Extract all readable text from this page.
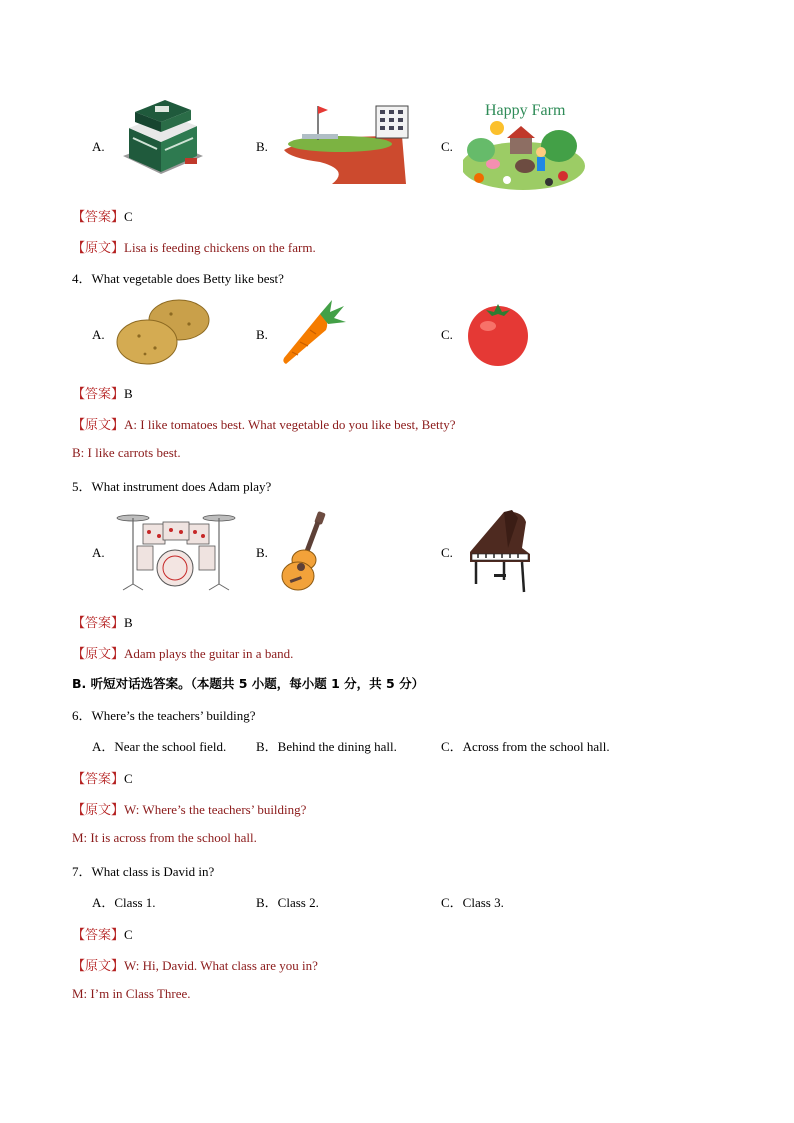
A.	B.	C.
Happy Farm
【答案】C
【原文】Lisa is feeding chickens on the farm.
4．What vegetable does Betty like best?
A.	B.	C.
【答案】B
【原文】A: I like tomatoes best. What vegetable do you like best, Betty?
B: I like carrots best.
5．What instrument does Adam play?
A.	B.	C.
【答案】B
【原文】Adam plays the guitar in a band.
B. 听短对话选答案。（本题共 5 小题，每小题 1 分，共 5 分）
6．Where’s the teachers’ building?
A．Near the school field. B．Behind the dining hall.	C．Across from the school hall.
【答案】C
【原文】W: Where’s the teachers’ building?
M: It is across from the school hall.
7．What class is David in?
A．Class 1.	B．Class 2.	C．Class 3.
【答案】C
【原文】W: Hi, David. What class are you in?
M: I’m in Class Three.
